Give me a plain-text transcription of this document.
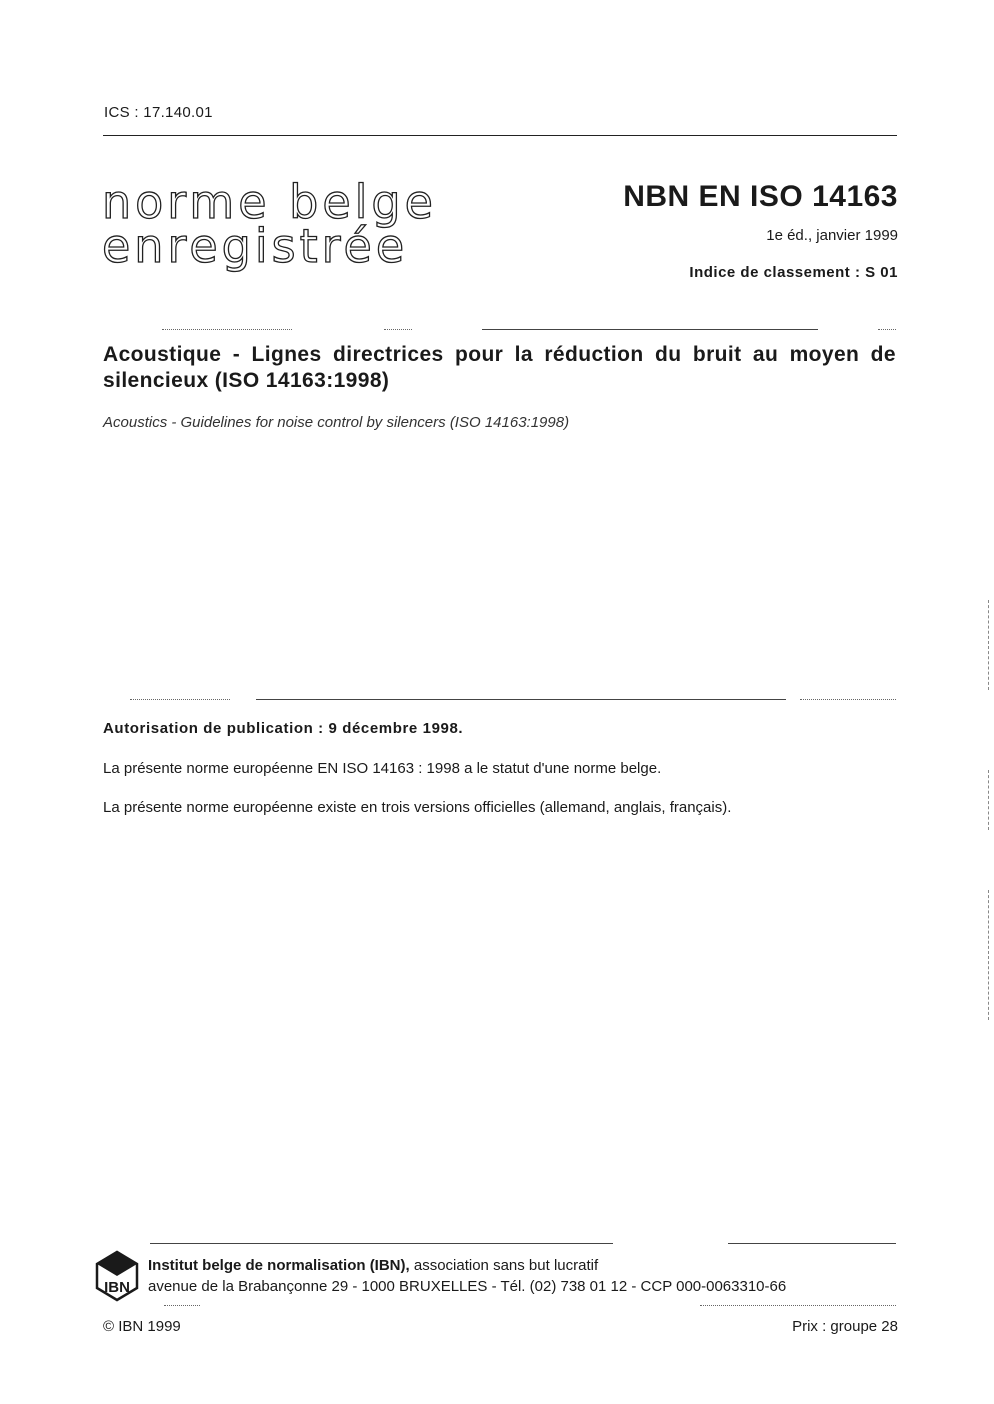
ICS : 17.140.01
norme belge
enregistrée
NBN EN ISO 14163
1e éd., janvier 1999
Indice de classement : S 01
Acoustique - Lignes directrices pour la réduction du bruit au moyen de silencieux (ISO 14163:1998)
Acoustics - Guidelines for noise control by silencers (ISO 14163:1998)
Autorisation de publication : 9 décembre 1998.
La présente norme européenne EN ISO 14163 : 1998 a le statut d'une norme belge.
La présente norme européenne existe en trois versions officielles (allemand, anglais, français).
IBN
Institut belge de normalisation (IBN), association sans but lucratif
avenue de la Brabançonne 29 - 1000 BRUXELLES - Tél. (02) 738 01 12 - CCP 000-0063310-66
© IBN 1999	Prix : groupe 28
